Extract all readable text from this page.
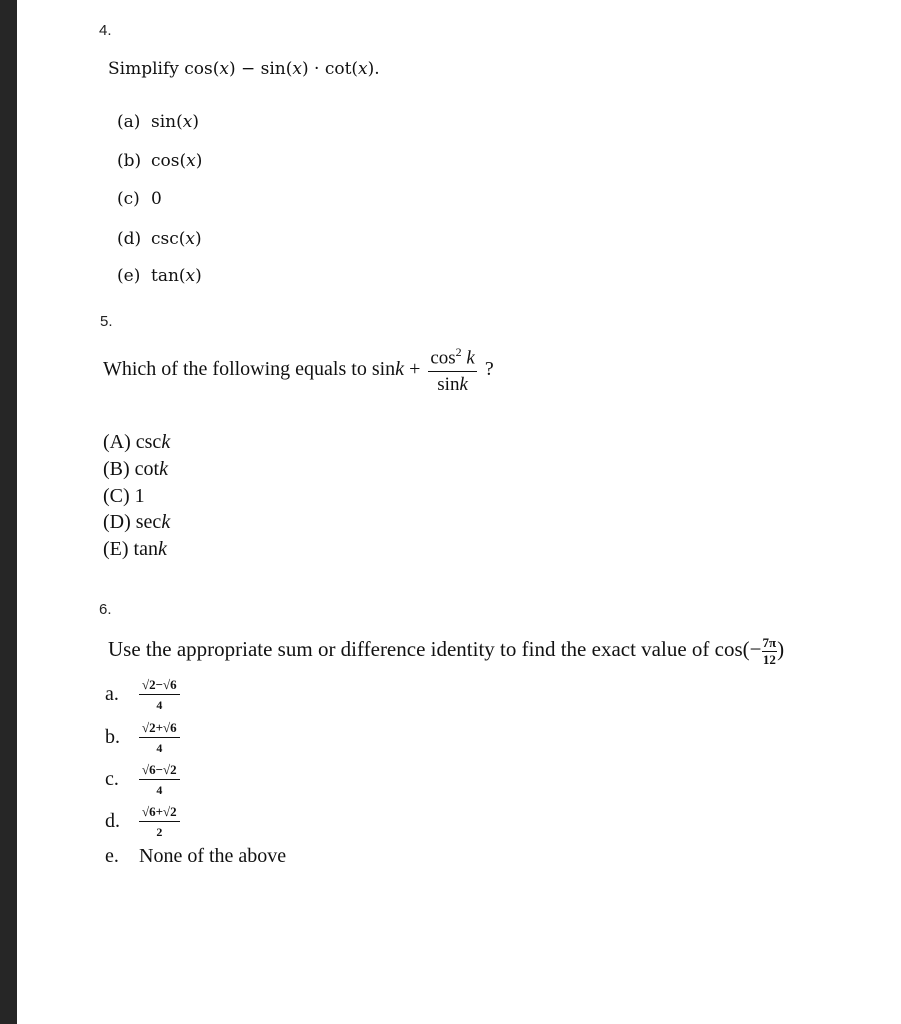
4.
Simplify cos(𝑥) − sin(𝑥) · cot(𝑥).
(a) sin(𝑥)
(b) cos(𝑥)
(c) 0
(d) csc(𝑥)
(e) tan(𝑥)
5.
Which of the following equals to $\sin k + \frac{\cos^2 k}{\sin k}$ ?
(A) csck
(B) cotk
(C) 1
(D) seck
(E) tank
6.
Use the appropriate sum or difference identity to find the exact value of $\cos(- \frac{7\pi}{12}$ )
a. $\frac{√2-√6}{4}$
b. $\frac{√2+√6}{4}$
c. $\frac{√6-√2}{4}$
d. $\frac{√6+√2}{2}$
e. None of the above
